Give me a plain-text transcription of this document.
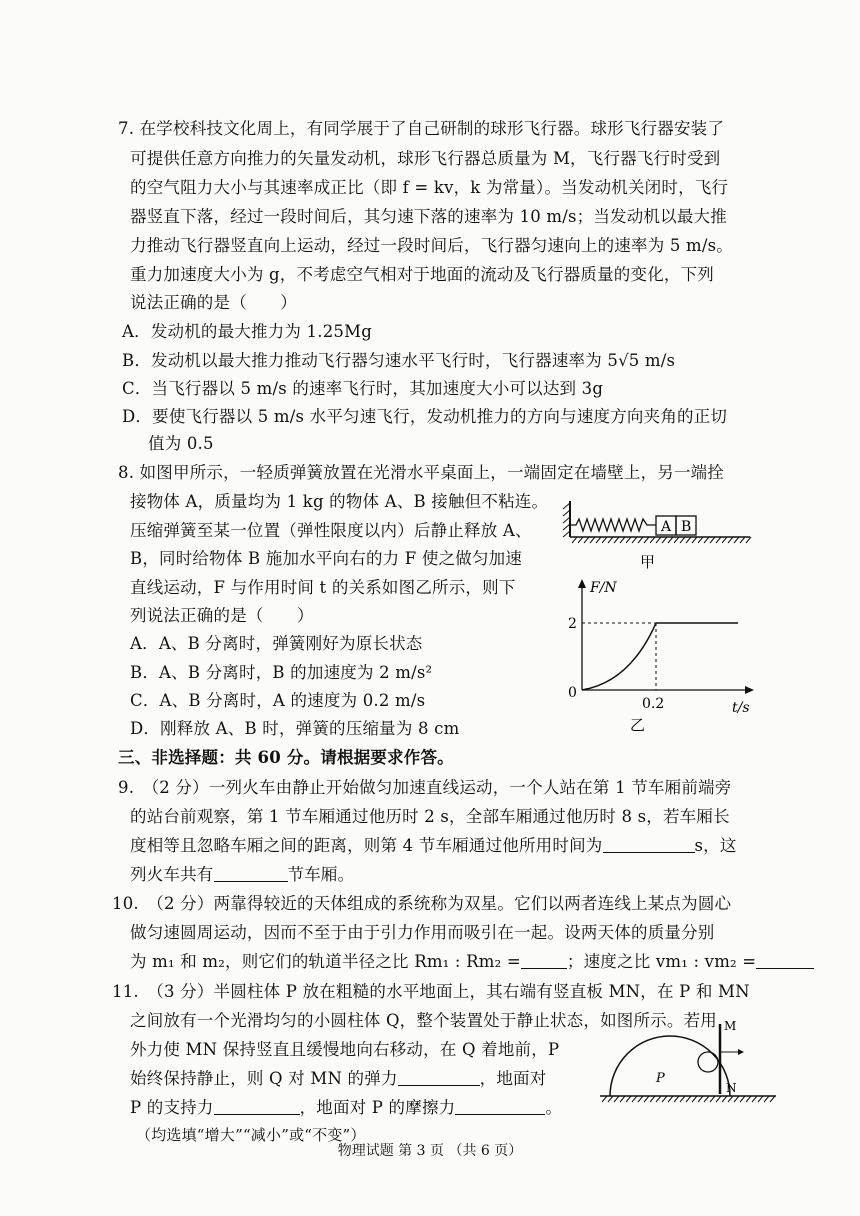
7. 在学校科技文化周上，有同学展于了自己研制的球形飞行器。球形飞行器安装了
可提供任意方向推力的矢量发动机，球形飞行器总质量为 M，飞行器飞行时受到
的空气阻力大小与其速率成正比（即 f = kv，k 为常量）。当发动机关闭时，飞行
器竖直下落，经过一段时间后，其匀速下落的速率为 10 m/s；当发动机以最大推
力推动飞行器竖直向上运动，经过一段时间后，飞行器匀速向上的速率为 5 m/s。
重力加速度大小为 g，不考虑空气相对于地面的流动及飞行器质量的变化，下列
说法正确的是（　　）
A．发动机的最大推力为 1.25Mg
B．发动机以最大推力推动飞行器匀速水平飞行时，飞行器速率为 5√5 m/s
C．当飞行器以 5 m/s 的速率飞行时，其加速度大小可以达到 3g
D．要使飞行器以 5 m/s 水平匀速飞行，发动机推力的方向与速度方向夹角的正切
值为 0.5
8. 如图甲所示，一轻质弹簧放置在光滑水平桌面上，一端固定在墙壁上，另一端拴
接物体 A，质量均为 1 kg 的物体 A、B 接触但不粘连。
压缩弹簧至某一位置（弹性限度以内）后静止释放 A、
B，同时给物体 B 施加水平向右的力 F 使之做匀加速
直线运动，F 与作用时间 t 的关系如图乙所示，则下
列说法正确的是（　　）
A．A、B 分离时，弹簧刚好为原长状态
B．A、B 分离时，B 的加速度为 2 m/s²
C．A、B 分离时，A 的速度为 0.2 m/s
D．刚释放 A、B 时，弹簧的压缩量为 8 cm
A B
甲
F/N
t/s
2
0
0.2
乙
三、非选择题：共 60 分。请根据要求作答。
9.　（2 分）一列火车由静止开始做匀加速直线运动，一个人站在第 1 节车厢前端旁
的站台前观察，第 1 节车厢通过他历时 2 s，全部车厢通过他历时 8 s，若车厢长
度相等且忽略车厢之间的距离，则第 4 节车厢通过他所用时间为	s，这
列火车共有	节车厢。
10.　（2 分）两靠得较近的天体组成的系统称为双星。它们以两者连线上某点为圆心
做匀速圆周运动，因而不至于由于引力作用而吸引在一起。设两天体的质量分别
为 m₁ 和 m₂，则它们的轨道半径之比 Rm₁ : Rm₂ =	；速度之比 vm₁ : vm₂ =
11.　（3 分）半圆柱体 P 放在粗糙的水平地面上，其右端有竖直板 MN，在 P 和 MN
之间放有一个光滑均匀的小圆柱体 Q，整个装置处于静止状态，如图所示。若用
外力使 MN 保持竖直且缓慢地向右移动，在 Q 着地前，P
始终保持静止，则 Q 对 MN 的弹力	，地面对
P 的支持力	，地面对 P 的摩擦力	。
（均选填“增大”“减小”或“不变”）
M
N
P
物理试题 第 3 页 （共 6 页）
